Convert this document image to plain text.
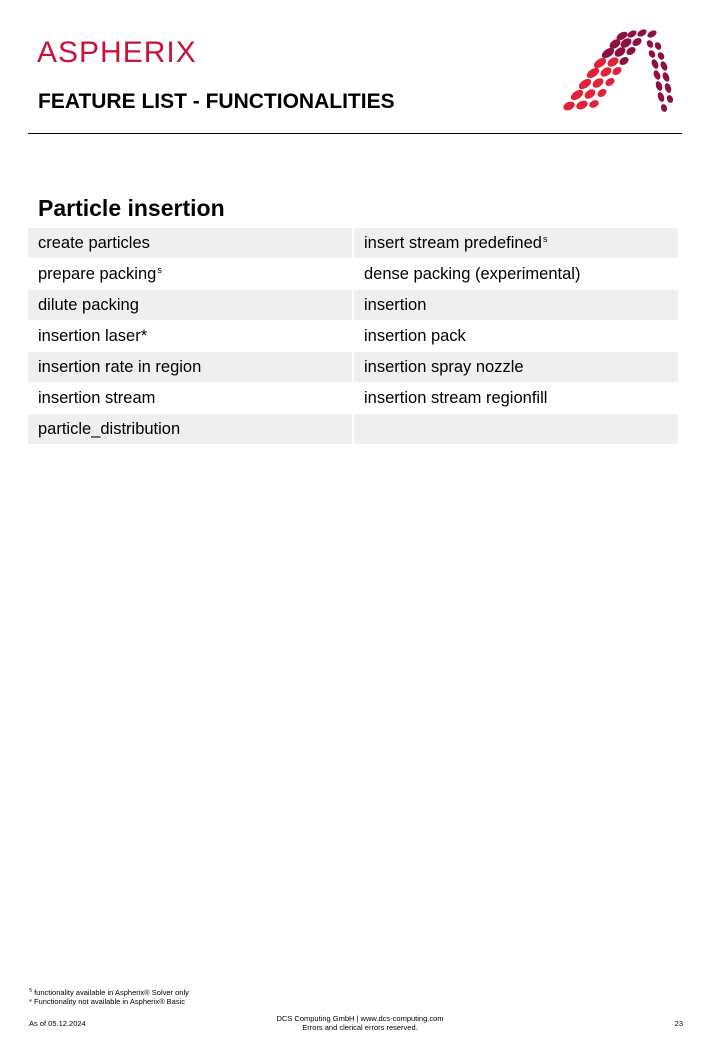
ASPHERIX
FEATURE LIST - FUNCTIONALITIES
Particle insertion
create particles	insert stream predefined$^s$
prepare packing$^s$	dense packing (experimental)
dilute packing	insertion
insertion laser*	insertion pack
insertion rate in region	insertion spray nozzle
insertion stream	insertion stream regionfill
particle_distribution
$^s$ functionality available in Aspherix® Solver only
* Functionality not available in Aspherix® Basic
As of 05.12.2024
DCS Computing GmbH | www.dcs-computing.com
Errors and clerical errors reserved.	23
